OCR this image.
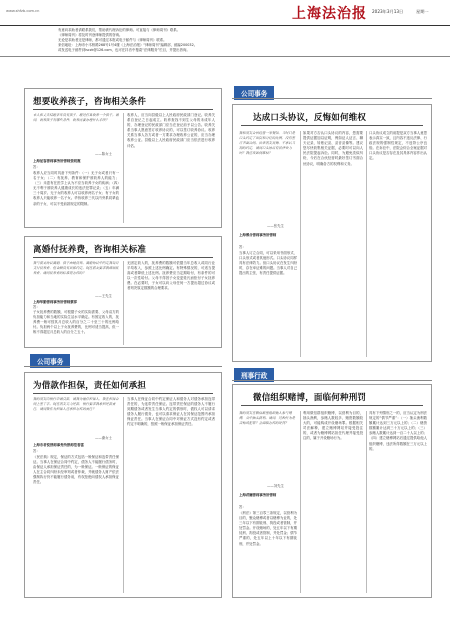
www.shfzb.com.cn	上海法治报 2023年3月13日	星期一
有意向求助者请联系我们，帮助被代理诉讼的律师。可直接与《律师周刊》联系。
《律师周刊》将及时刊登律师提供的咨询。
无论是求助者还是律师，都可通过本报或电子邮件与《律师周刊》联系。
来信地址：上海市小木桥路268号1号4楼《上海法治报》“律师周刊”编辑部，邮编200032。
或发送电子邮件到lsczk@126.com，也可在抖音中搜索“法律服务”栏目，并提出咨询。
想要收养孩子，咨询相关条件
本人和丈夫结婚多年没有孩子，最近打算收养一个孩子。请问，收养孩子有哪些条件，收养需要办理什么手续？
——陈女士
上海星客律师事务所律师张明霞
答：
收养人应当同时具备下列条件：（一）无子女或者只有一名子女；（二）有抚养、教育和保护被收养人的能力；（三）未患有在医学上认为不应当收养子女的疾病；（四）无不利于被收养人健康成长的违法犯罪记录；（五）年满三十周岁。无子女的收养人可以收养两名子女；有子女的收养人只能收养一名子女。华侨收养三代以内旁系同辈血亲的子女，可以不受前款规定的限制。
收养人，应当向县级以上人民政府民政部门登记。收养关系自登记之日起成立。收养查找不到生父母的未成年人的，办理登记的民政部门应当在登记前予以公告。收养关系当事人愿意签订收养协议的，可以签订收养协议。收养关系当事人各方或者一方要求办理收养公证的，应当办理收养公证。县级以上人民政府民政部门应当依法进行收养评估。
离婚付抚养费，咨询相关标准
我与前妻协议离婚，孩子由她抚养。离婚协议中约定我每月支付抚养费，但金额没有具体约定。现在前妻要求我增加抚养费，请问抚养费的标准是怎样的？
——王先生
上海华勤律师事务所律师蔡萍
答：
子女抚养费的数额，可根据子女的实际需要、父母双方的负担能力和当地的实际生活水平确定。有固定收入的，抚养费一般可按其月总收入的百分之二十至三十的比例给付。负担两个以上子女抚养费的，比例可适当提高，但一般不得超过月总收入的百分之五十。
无固定收入的，抚养费的数额可依据当年总收入或同行业平均收入，参照上述比例确定。有特殊情况的，可适当提高或者降低上述比例。抚养费应当定期给付，有条件的可以一次性给付。父母不得因子女变更姓氏而拒付子女抚养费。在必要时，子女可以向父母任何一方提出超过协议或者判决原定数额的合理要求。
公司事务
为借款作担保，责任如何承担
我的朋友向银行申请贷款，请我为他作担保人，我在担保合同上签了字。现在朋友无力还款，银行要求我承担还款责任，请问我作为担保人应承担怎样的责任？
——谢女士
上海市君悦律师事务所律师范春雷
答：
《民法典》规定，保证的方式包括一般保证和连带责任保证。当事人在保证合同中约定，债务人不能履行债务时，由保证人承担保证责任的，为一般保证。一般保证的保证人在主合同纠纷未经审判或者仲裁，并就债务人财产依法强制执行仍不能履行债务前，有权拒绝向债权人承担保证责任。
当事人在保证合同中约定保证人和债务人对债务承担连带责任的，为连带责任保证。连带责任保证的债务人不履行到期债务或者发生当事人约定的情形时，债权人可以请求债务人履行债务，也可以请求保证人在其保证范围内承担保证责任。当事人在保证合同中对保证方式没有约定或者约定不明确的，按照一般保证承担保证责任。
公司事务
达成口头协议，反悔如何维权
我和朋友合伙经营一家餐馆，当时只是口头约定了出资和分红的比例，没有签订书面合同。后来朋友反悔，不承认当初的约定，请问口头协议有法律效力吗？我应该如何维权？
——张先生
上海博合律师事务所律师
答：
当事人订立合同，可以采用书面形式、口头形式或者其他形式。口头协议同样具有法律效力。但口头协议在发生纠纷时，存在举证难的问题。当事人对自己提出的主张，有责任提供证据。
如果对方否认口头协议的内容，您需要提供证据加以证明，例如证人证言、聊天记录、转账记录、录音录像等。建议您尽快收集相关证据，必要时可以向人民法院提起诉讼。同时，为避免类似纠纷，今后在合伙经营时最好签订书面合伙协议，明确各方的权利和义务。
口头协议成立的前提是双方当事人意思表示真实一致，且内容不违反法律、行政法规的强制性规定，不违背公序良俗。在诉讼中，法院会综合全案证据对口头协议是否存在及其具体内容作出认定。
刑事行政
微信组织赌博，面临何种刑罚
我的朋友在微信群里组织他人参与赌博，从中抽头获利。请问，这种行为是否构成犯罪？会面临怎样的处罚？
——刘先生
上海君澜律师事务所律师
答：
《刑法》第三百零三条规定，以营利为目的，聚众赌博或者以赌博为业的，处三年以下有期徒刑、拘役或者管制，并处罚金。开设赌场的，处五年以下有期徒刑、拘役或者管制，并处罚金；情节严重的，处五年以上十年以下有期徒刑，并处罚金。
利用微信群组织赌博，以营利为目的，抽头渔利，参赌人数较多、赌资数额较大的，可能构成开设赌场罪。根据相关司法解释，建立赌博网站并接受投注的，或者为赌博网站担任代理并接受投注的，属于开设赌场行为。
具有下列情形之一的，应当认定为刑法规定的“情节严重”：（一）抽头渔利数额累计达到三万元以上的；（二）赌资数额累计达到三十万元以上的；（三）参赌人数累计达到一百二十人以上的；（四）建立赌博网站后通过提供给他人组织赌博，违法所得数额在三万元以上的。
